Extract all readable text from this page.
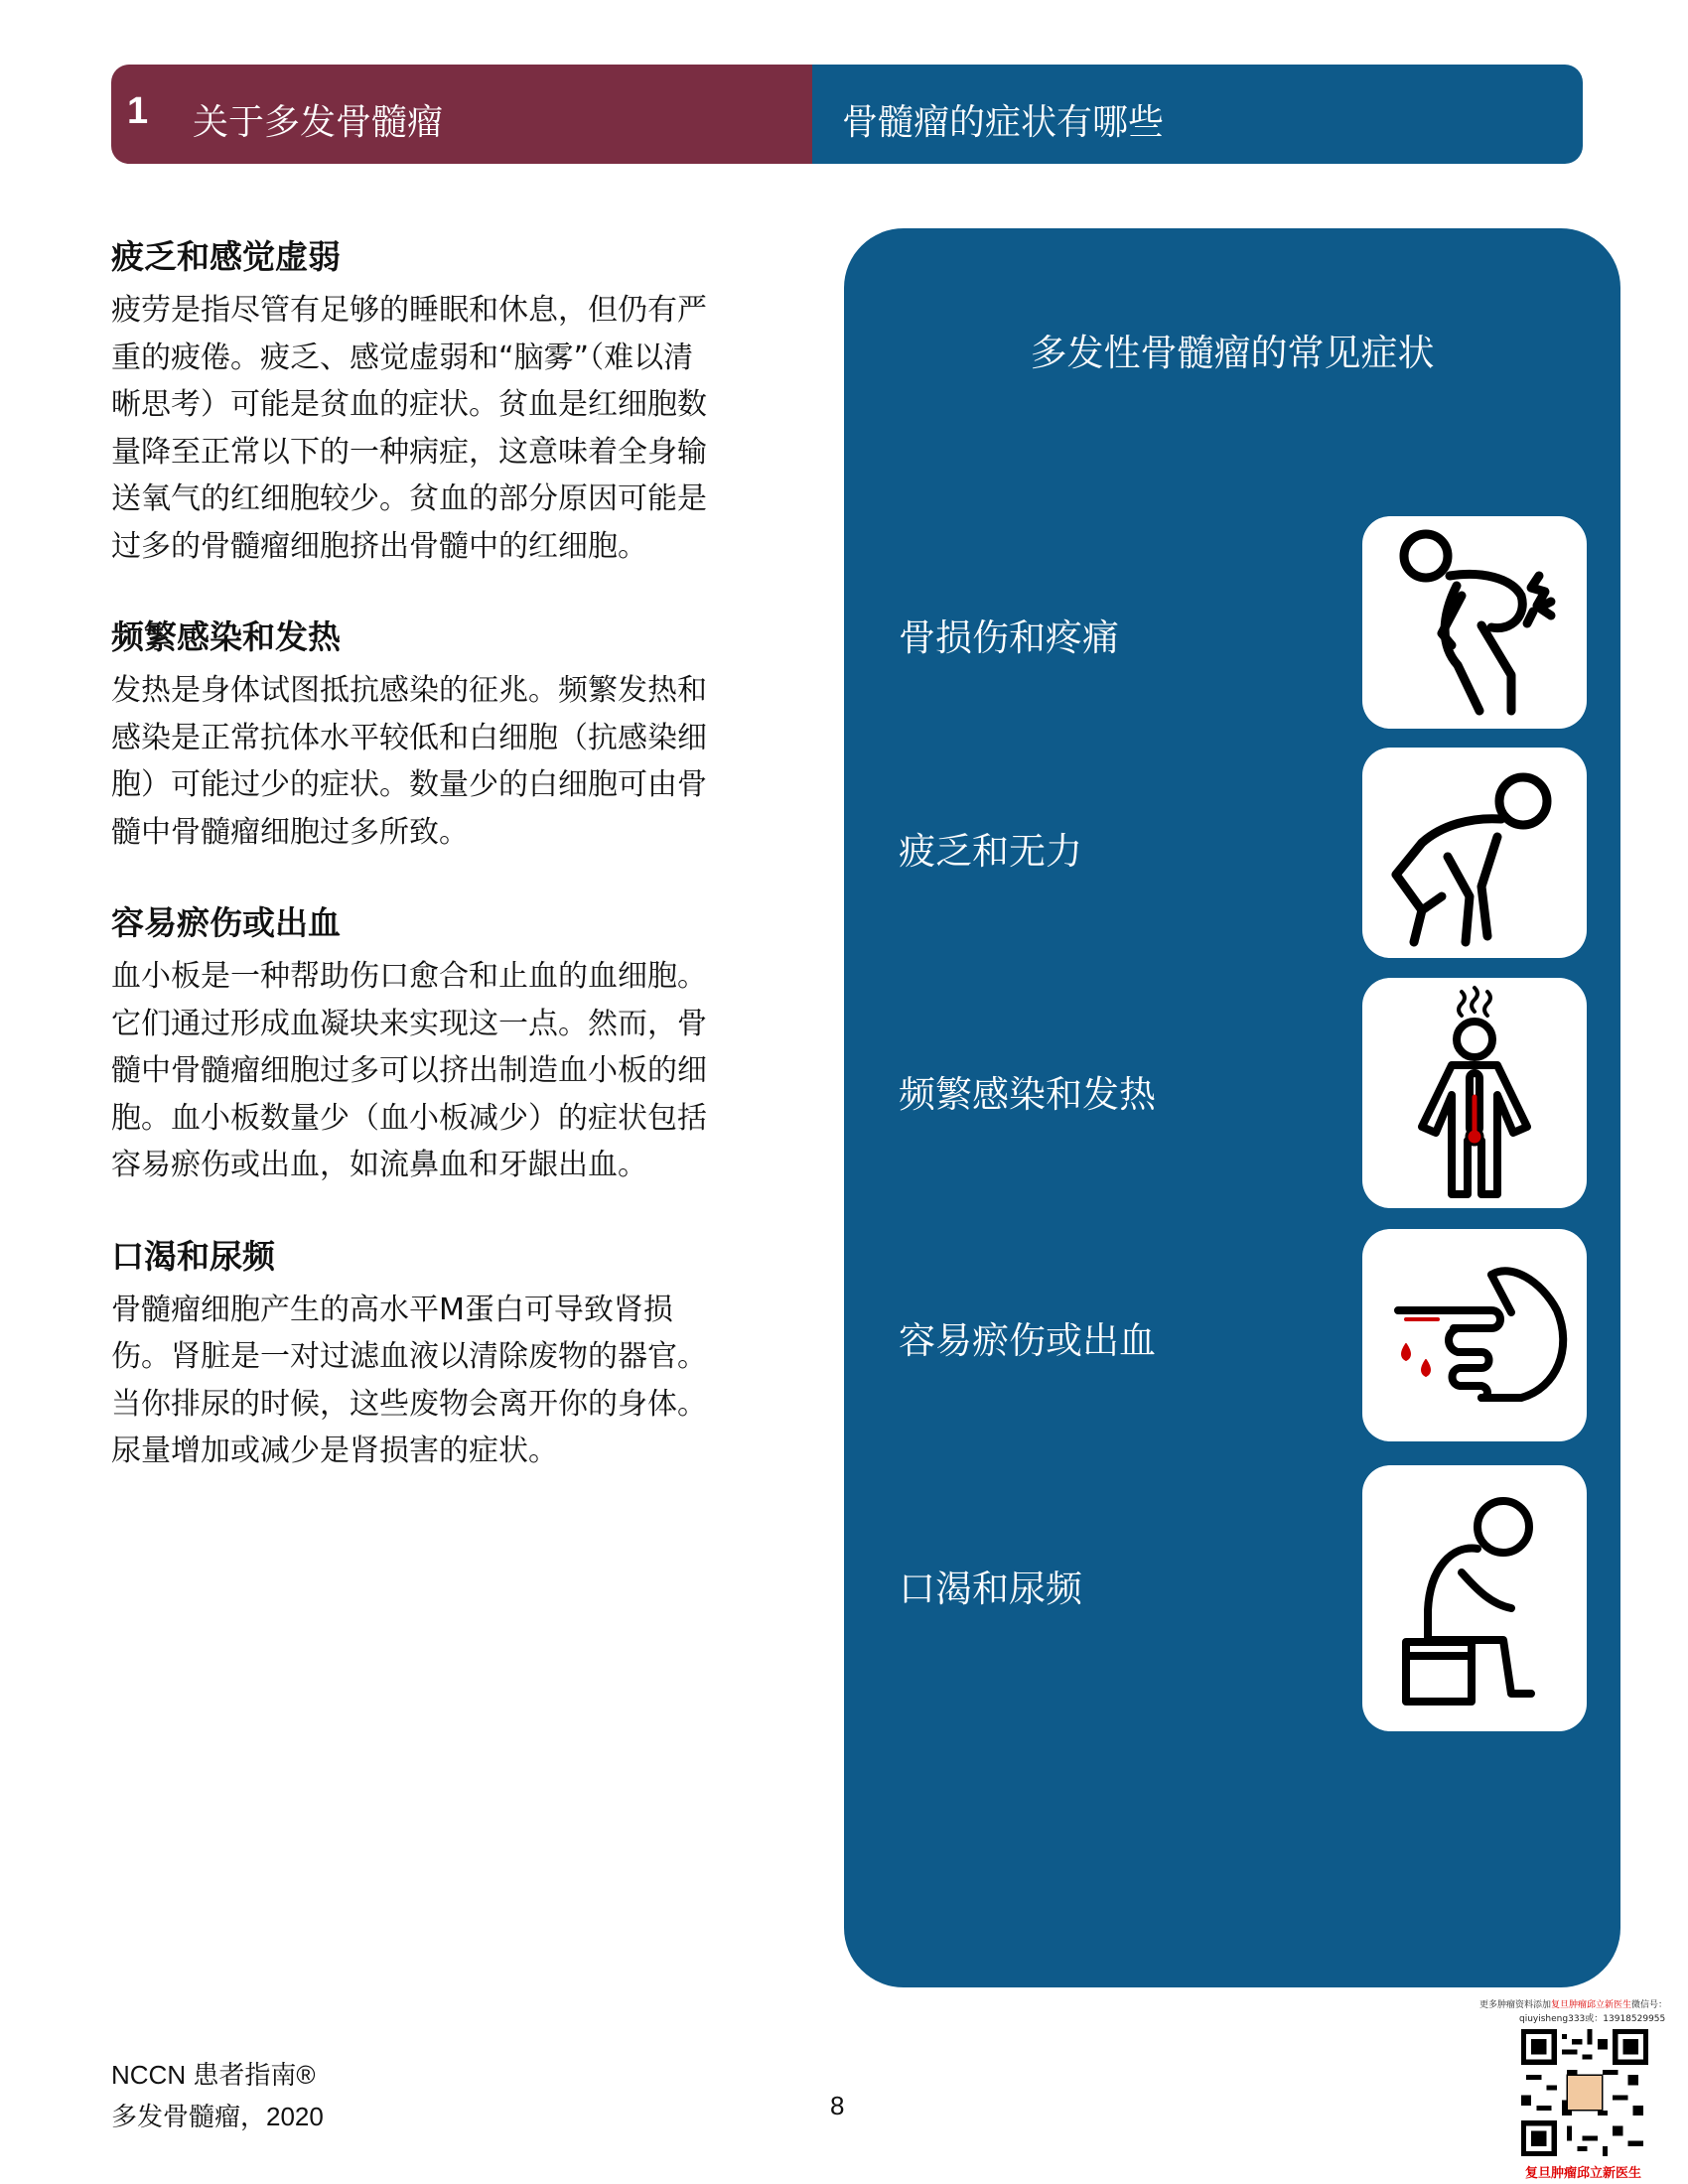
1 关于多发骨髓瘤	骨髓瘤的症状有哪些
疲乏和感觉虚弱

疲劳是指尽管有足够的睡眠和休息，但仍有严
重的疲倦。疲乏、感觉虚弱和“脑雾”（难以清
晰思考）可能是贫血的症状。贫血是红细胞数
量降至正常以下的一种病症，这意味着全身输
送氧气的红细胞较少。贫血的部分原因可能是
过多的骨髓瘤细胞挤出骨髓中的红细胞。

频繁感染和发热

发热是身体试图抵抗感染的征兆。频繁发热和
感染是正常抗体水平较低和白细胞（抗感染细
胞）可能过少的症状。数量少的白细胞可由骨
髓中骨髓瘤细胞过多所致。

容易瘀伤或出血

血小板是一种帮助伤口愈合和止血的血细胞。
它们通过形成血凝块来实现这一点。然而，骨
髓中骨髓瘤细胞过多可以挤出制造血小板的细
胞。血小板数量少（血小板减少）的症状包括
容易瘀伤或出血，如流鼻血和牙龈出血。

口渴和尿频

骨髓瘤细胞产生的高水平M蛋白可导致肾损
伤。肾脏是一对过滤血液以清除废物的器官。
当你排尿的时候，这些废物会离开你的身体。
尿量增加或减少是肾损害的症状。

多发性骨髓瘤的常见症状
骨损伤和疼痛
疲乏和无力
频繁感染和发热
容易瘀伤或出血
口渴和尿频
NCCN 患者指南®
多发骨髓瘤，2020	8
更多肿瘤资料添加复旦肿瘤邱立新医生微信号：
qiuyisheng333或：13918529955
复旦肿瘤邱立新医生
